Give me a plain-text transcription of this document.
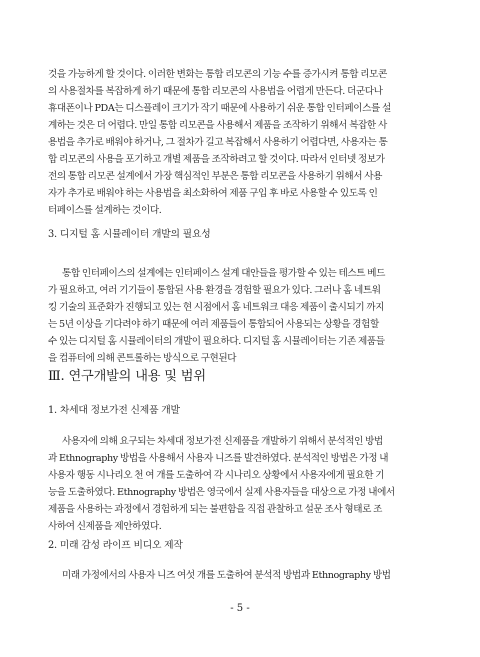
것을 가능하게 할 것이다. 이러한 변화는 통합 리모콘의 기능 수를 증가시켜 통합 리모콘
의 사용절차를 복잡하게 하기 때문에 통합 리모콘의 사용법을 어렵게 만든다. 더군다나
휴대폰이나 PDA는 디스플레이 크기가 작기 때문에 사용하기 쉬운 통합 인터페이스를 설
계하는 것은 더 어렵다. 만일 통합 리모콘을 사용해서 제품을 조작하기 위해서 복잡한 사
용법을 추가로 배워야 하거나, 그 절차가 길고 복잡해서 사용하기 어렵다면, 사용자는 통
합 리모콘의 사용을 포기하고 개별 제품을 조작하려고 할 것이다. 따라서 인터넷 정보가
전의 통합 리모콘 설계에서 가장 핵심적인 부분은 통합 리모콘을 사용하기 위해서 사용
자가 추가로 배워야 하는 사용법을 최소화하여 제품 구입 후 바로 사용할 수 있도록 인
터페이스를 설계하는 것이다.

3. 디지털 홈 시뮬레이터 개발의 필요성

통합 인터페이스의 설계에는 인터페이스 설계 대안들을 평가할 수 있는 테스트 베드
가 필요하고, 여러 기기들이 통합된 사용 환경을 경험할 필요가 있다. 그러나 홈 네트워
킹 기술의 표준화가 진행되고 있는 현 시점에서 홈 네트워크 대응 제품이 출시되기 까지
는 5년 이상을 기다려야 하기 때문에 여러 제품들이 통합되어 사용되는 상황을 경험할
수 있는 디지털 홈 시뮬레이터의 개발이 필요하다. 디지털 홈 시뮬레이터는 기존 제품들
을 컴퓨터에 의해 콘트롤하는 방식으로 구현된다

Ⅲ. 연구개발의 내용 및 범위

1. 차세대 정보가전 신제품 개발

사용자에 의해 요구되는 차세대 정보가전 신제품을 개발하기 위해서 분석적인 방법
과 Ethnography 방법을 사용해서 사용자 니즈를 발견하였다. 분석적인 방법은 가정 내
사용자 행동 시나리오 천 여 개를 도출하여 각 시나리오 상황에서 사용자에게 필요한 기
능을 도출하였다. Ethnography 방법은 영국에서 실제 사용자들을 대상으로 가정 내에서
제품을 사용하는 과정에서 경험하게 되는 불편함을 직접 관찰하고 설문 조사 형태로 조
사하여 신제품을 제안하였다.

2. 미래 감성 라이프 비디오 제작

미래 가정에서의 사용자 니즈 여섯 개를 도출하여 분석적 방법과 Ethnography 방법

- 5 -
